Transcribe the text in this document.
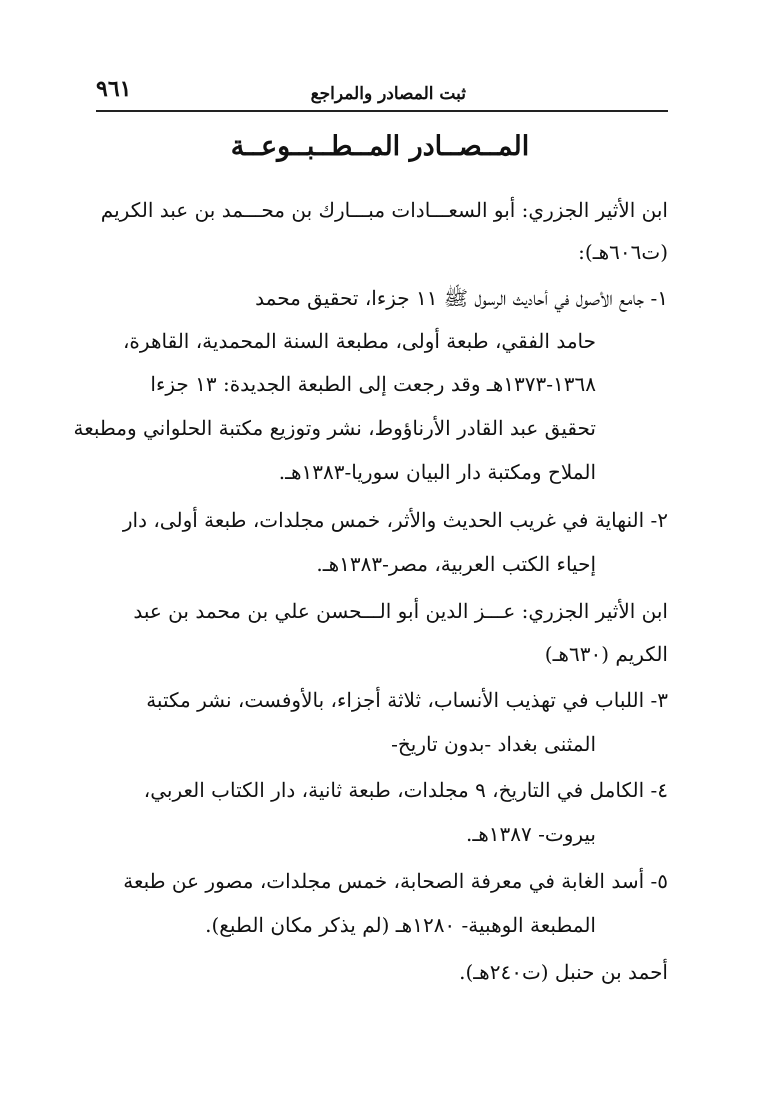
ثبت المصادر والمراجع
٩٦١
المــصــادر المــطــبــوعــة
ابن الأثير الجزري: أبو السعـــادات مبـــارك بن محـــمد بن عبد الكريم
(ت٦٠٦هـ):
١- جامع الأصول في أحاديث الرسول ﷺ ١١ جزءا، تحقيق محمد
حامد الفقي، طبعة أولى، مطبعة السنة المحمدية، القاهرة،
١٣٦٨-١٣٧٣هـ وقد رجعت إلى الطبعة الجديدة: ١٣ جزءا
تحقيق عبد القادر الأرناؤوط، نشر وتوزيع مكتبة الحلواني ومطبعة
الملاح ومكتبة دار البيان سوريا-١٣٨٣هـ.
٢- النهاية في غريب الحديث والأثر، خمس مجلدات، طبعة أولى، دار
إحياء الكتب العربية، مصر-١٣٨٣هـ.
ابن الأثير الجزري: عـــز الدين أبو الـــحسن علي بن محمد بن عبد
الكريم (٦٣٠هـ)
٣- اللباب في تهذيب الأنساب، ثلاثة أجزاء، بالأوفست، نشر مكتبة
المثنى بغداد -بدون تاريخ-
٤- الكامل في التاريخ، ٩ مجلدات، طبعة ثانية، دار الكتاب العربي،
بيروت- ١٣٨٧هـ.
٥- أسد الغابة في معرفة الصحابة، خمس مجلدات، مصور عن طبعة
المطبعة الوهبية- ١٢٨٠هـ (لم يذكر مكان الطبع).
أحمد بن حنبل (ت٢٤٠هـ).
